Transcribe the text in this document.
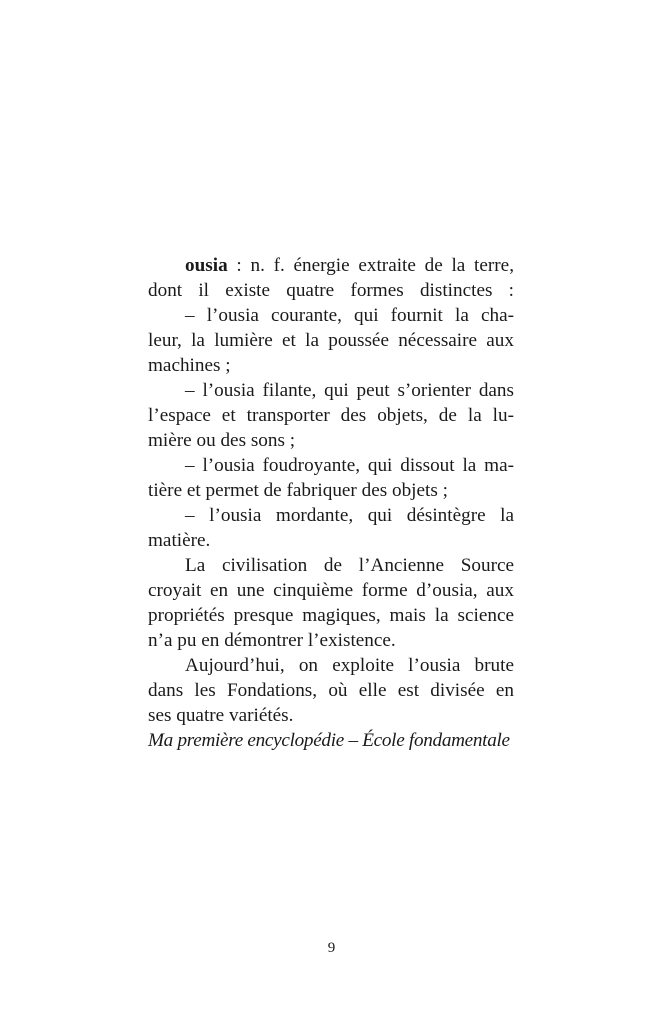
ousia : n. f. énergie extraite de la terre,
dont il existe quatre formes distinctes :
– l’ousia courante, qui fournit la cha-
leur, la lumière et la poussée nécessaire aux
machines ;
– l’ousia filante, qui peut s’orienter dans
l’espace et transporter des objets, de la lu-
mière ou des sons ;
– l’ousia foudroyante, qui dissout la ma-
tière et permet de fabriquer des objets ;
– l’ousia mordante, qui désintègre la
matière.
La civilisation de l’Ancienne Source
croyait en une cinquième forme d’ousia, aux
propriétés presque magiques, mais la science
n’a pu en démontrer l’existence.
Aujourd’hui, on exploite l’ousia brute
dans les Fondations, où elle est divisée en
ses quatre variétés.
Ma première encyclopédie – École fondamentale
9
